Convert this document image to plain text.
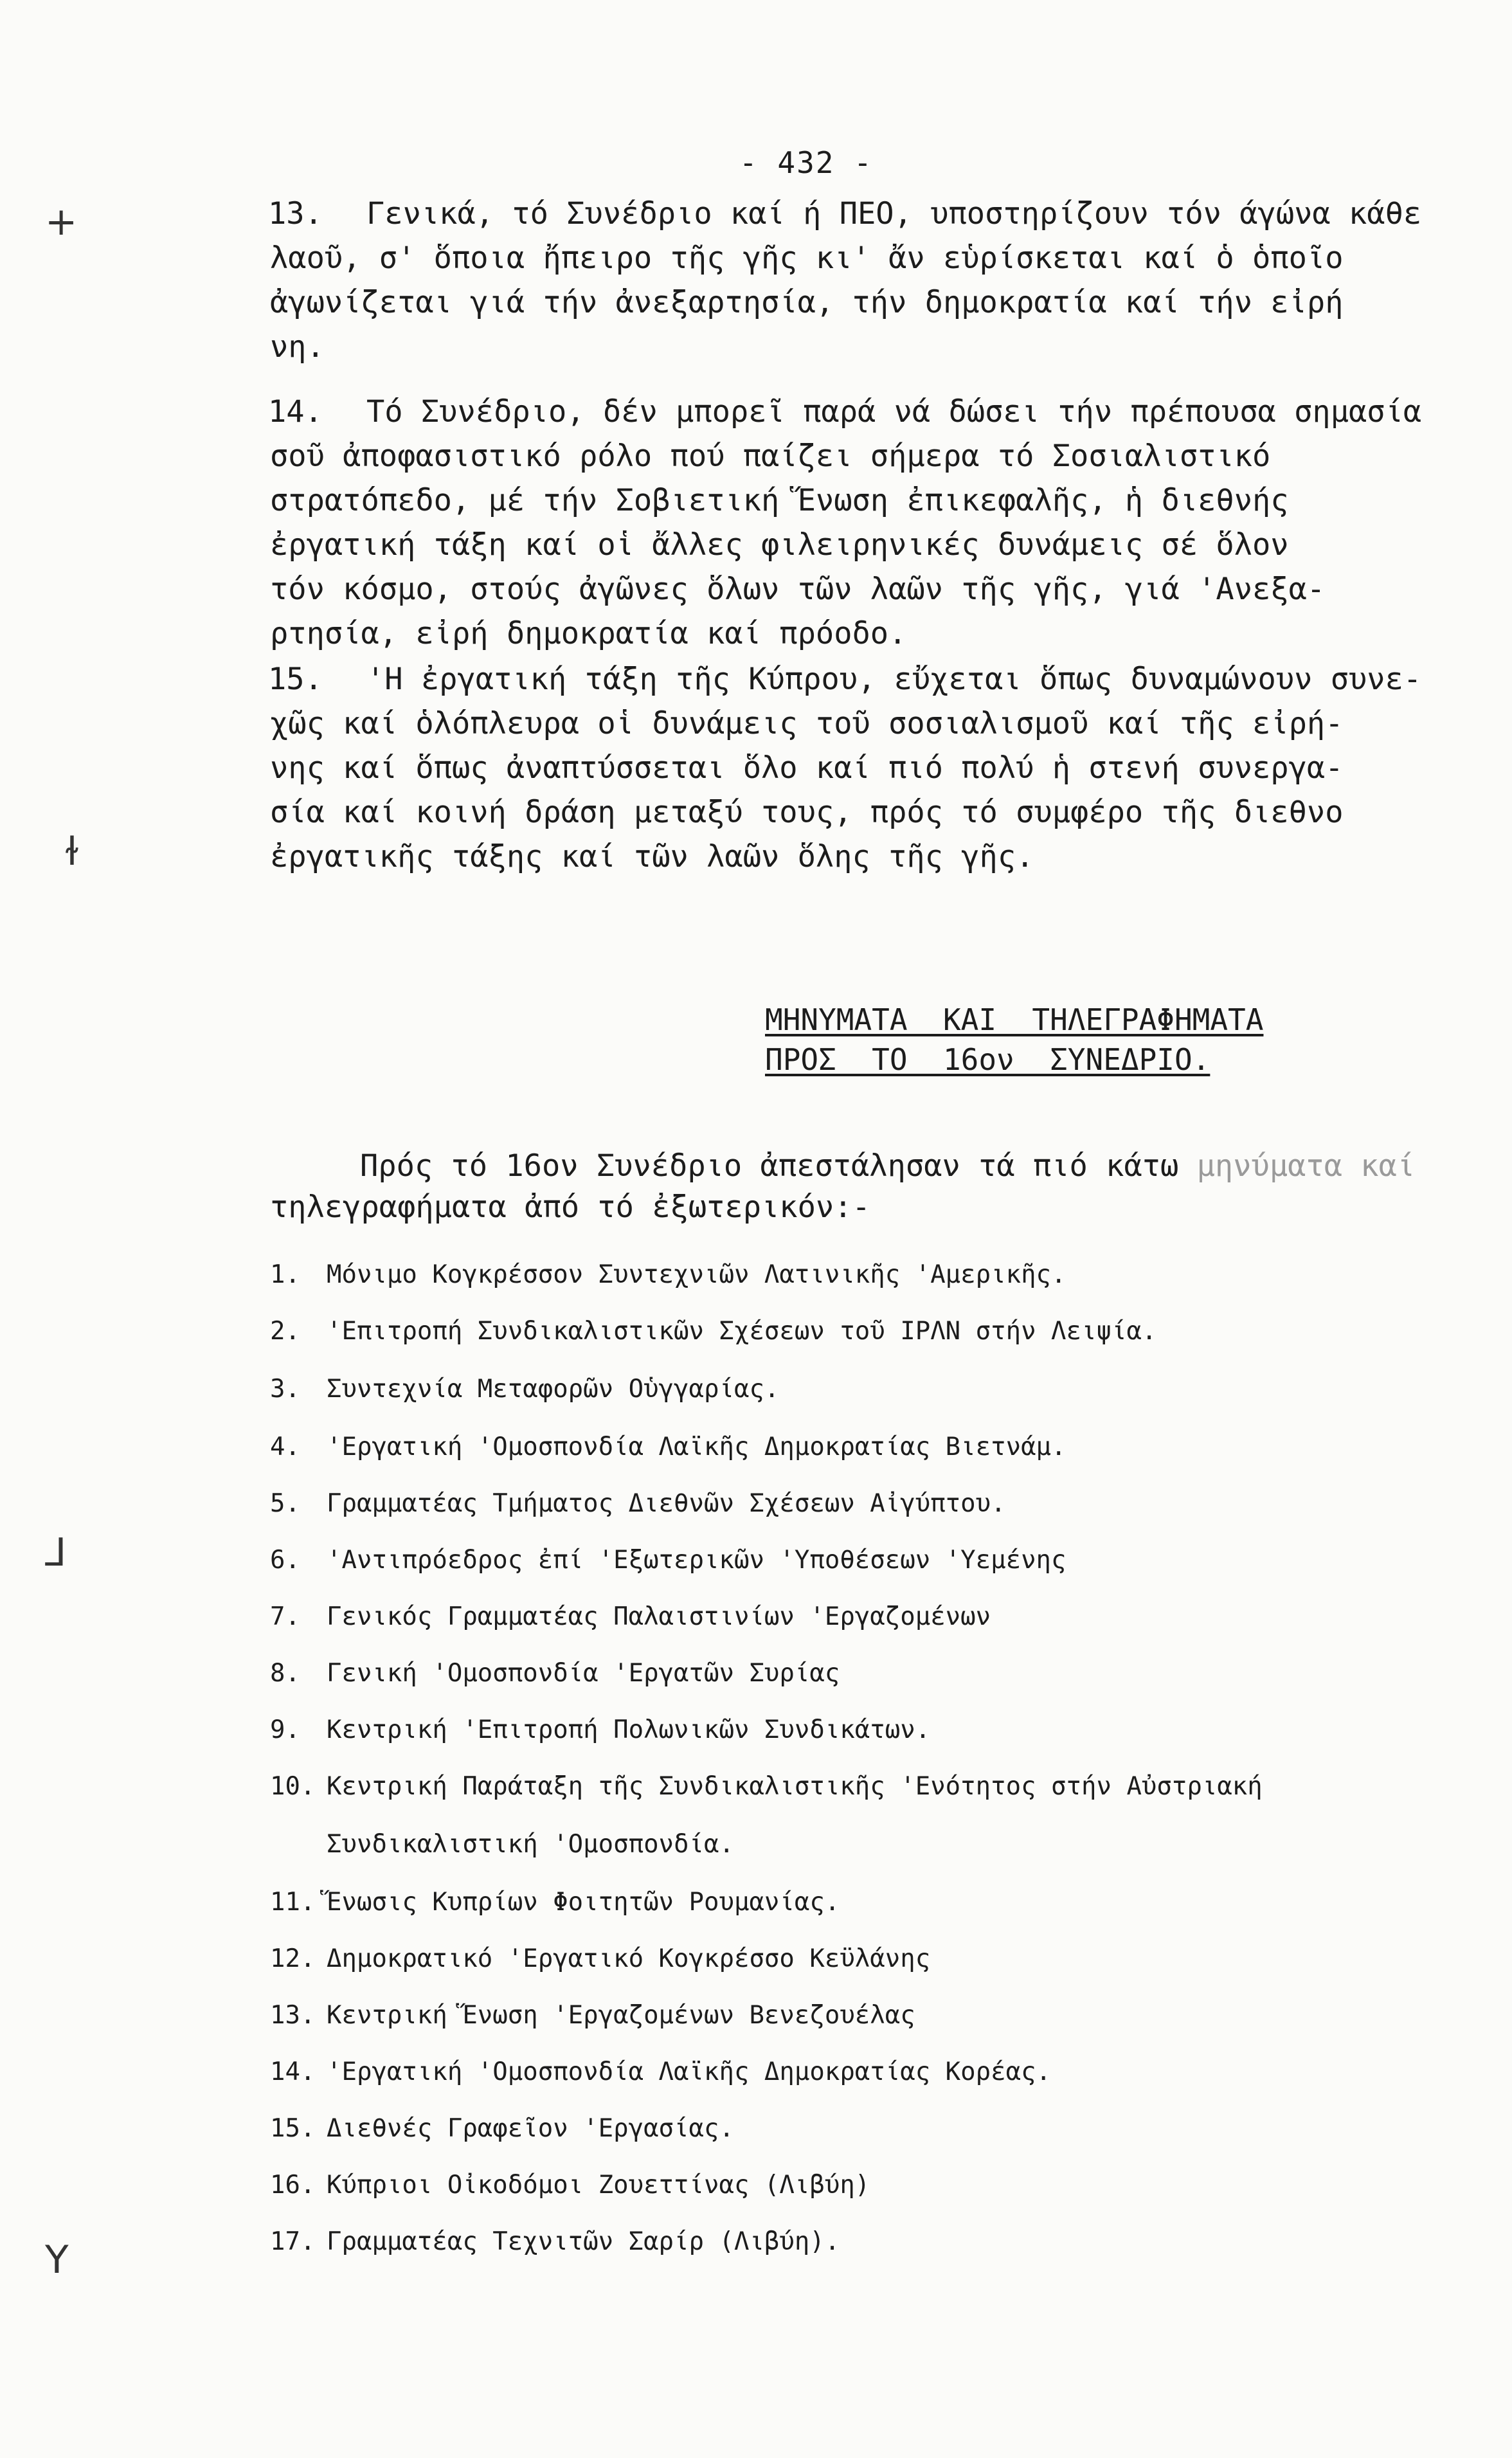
- 432 -
+
ɫ
⅃
Y
13.	Γενικά, τό Συνέδριο καί ή ΠΕΟ, υποστηρίζουν τόν άγώνα κάθε
λαοῦ, σ' ὅποια ἤπειρο τῆς γῆς κι' ἄν εὑρίσκεται καί ὁ ὁποῖο
ἀγωνίζεται γιά τήν ἀνεξαρτησία, τήν δημοκρατία καί τήν εἰρή
νη.
14.	Τό Συνέδριο, δέν μπορεῖ παρά νά δώσει τήν πρέπουσα σημασία
σοῦ ἀποφασιστικό ρόλο πού παίζει σήμερα τό Σοσιαλιστικό
στρατόπεδο, μέ τήν Σοβιετική Ἕνωση ἐπικεφαλῆς, ἡ διεθνής
ἐργατική τάξη καί οἱ ἄλλες φιλειρηνικές δυνάμεις σέ ὅλον
τόν κόσμο, στούς ἀγῶνες ὅλων τῶν λαῶν τῆς γῆς, γιά 'Ανεξα-
ρτησία, εἰρή δημοκρατία καί πρόοδο.
15.	'Η ἐργατική τάξη τῆς Κύπρου, εὔχεται ὅπως δυναμώνουν συνε-
χῶς καί ὁλόπλευρα οἱ δυνάμεις τοῦ σοσιαλισμοῦ καί τῆς εἰρή-
νης καί ὅπως ἀναπτύσσεται ὅλο καί πιό πολύ ἡ στενή συνεργα-
σία καί κοινή δράση μεταξύ τους, πρός τό συμφέρο τῆς διεθνο
ἐργατικῆς τάξης καί τῶν λαῶν ὅλης τῆς γῆς.
ΜΗΝΥΜΑΤΑ  ΚΑΙ  ΤΗΛΕΓΡΑΦΗΜΑΤΑ
ΠΡΟΣ  ΤΟ  16ον  ΣΥΝΕΔΡΙΟ.
Πρός τό 16ον Συνέδριο ἀπεστάλησαν τά πιό κάτω μηνύματα καί
τηλεγραφήματα ἀπό τό ἐξωτερικόν:-
1. Μόνιμο Κογκρέσσον Συντεχνιῶν Λατινικῆς 'Αμερικῆς.
2. 'Επιτροπή Συνδικαλιστικῶν Σχέσεων τοῦ ΙΡΛΝ στήν Λειψία.
3. Συντεχνία Μεταφορῶν Οὑγγαρίας.
4. 'Εργατική 'Ομοσπονδία Λαϊκῆς Δημοκρατίας Βιετνάμ.
5. Γραμματέας Τμήματος Διεθνῶν Σχέσεων Αἰγύπτου.
6. 'Αντιπρόεδρος ἐπί 'Εξωτερικῶν 'Υποθέσεων 'Υεμένης
7. Γενικός Γραμματέας Παλαιστινίων 'Εργαζομένων
8. Γενική 'Ομοσπονδία 'Εργατῶν Συρίας
9. Κεντρική 'Επιτροπή Πολωνικῶν Συνδικάτων.
10. Κεντρική Παράταξη τῆς Συνδικαλιστικῆς 'Ενότητος στήν Αὐστριακή
Συνδικαλιστική 'Ομοσπονδία.
11. Ἕνωσις Κυπρίων Φοιτητῶν Ρουμανίας.
12. Δημοκρατικό 'Εργατικό Κογκρέσσο Κεϋλάνης
13. Κεντρική Ἕνωση 'Εργαζομένων Βενεζουέλας
14. 'Εργατική 'Ομοσπονδία Λαϊκῆς Δημοκρατίας Κορέας.
15. Διεθνές Γραφεῖον 'Εργασίας.
16. Κύπριοι Οἰκοδόμοι Ζουεττίνας (Λιβύη)
17. Γραμματέας Τεχνιτῶν Σαρίρ (Λιβύη).
